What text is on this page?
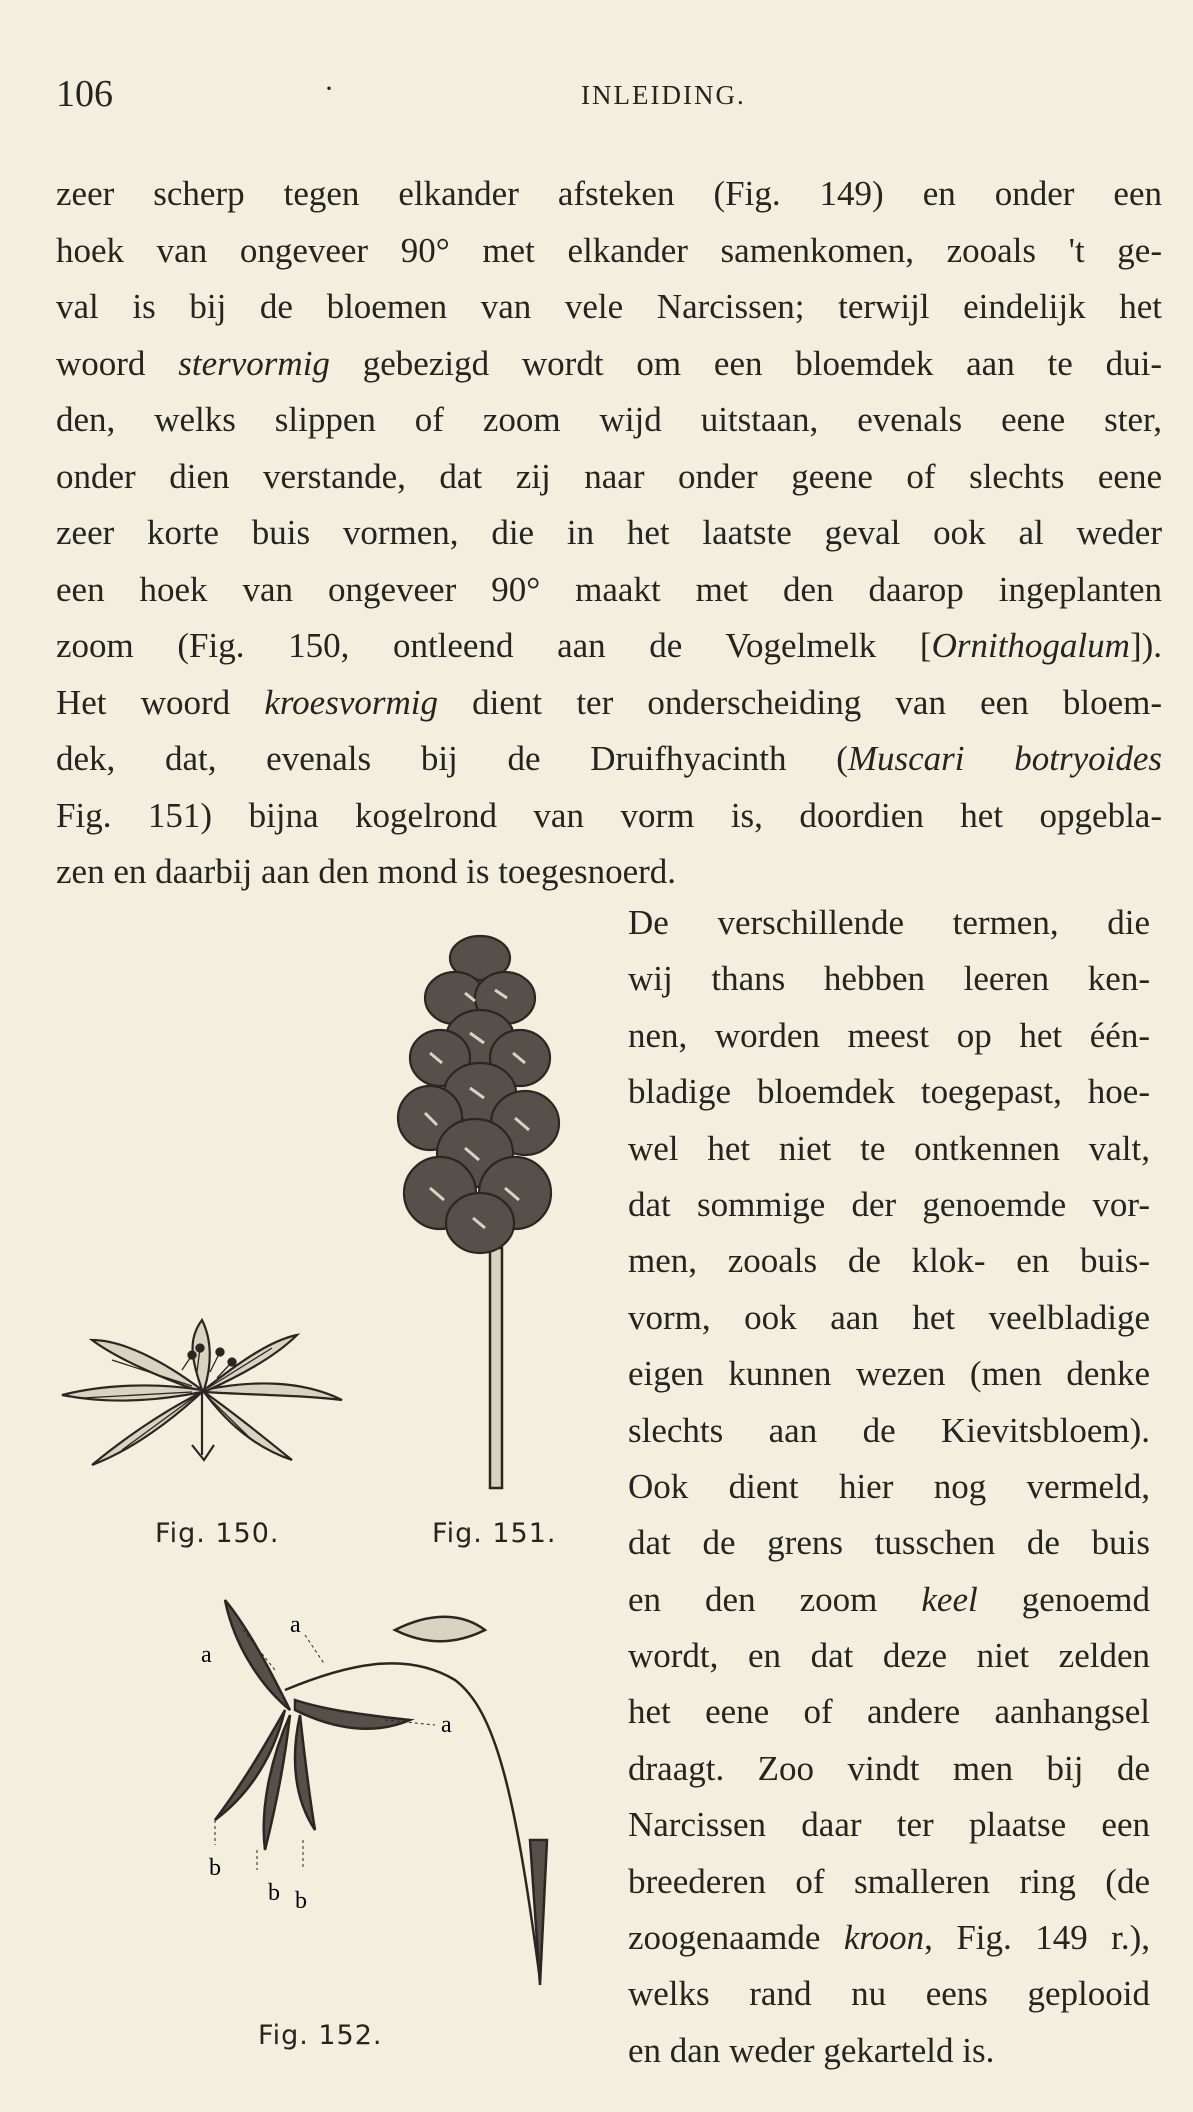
106	·	INLEIDING.
zeer scherp tegen elkander afsteken (Fig. 149) en onder een
hoek van ongeveer 90° met elkander samenkomen, zooals 't ge-
val is bij de bloemen van vele Narcissen; terwijl eindelijk het
woord stervormig gebezigd wordt om een bloemdek aan te dui-
den, welks slippen of zoom wijd uitstaan, evenals eene ster,
onder dien verstande, dat zij naar onder geene of slechts eene
zeer korte buis vormen, die in het laatste geval ook al weder
een hoek van ongeveer 90° maakt met den daarop ingeplanten
zoom (Fig. 150, ontleend aan de Vogelmelk [Ornithogalum]).
Het woord kroesvormig dient ter onderscheiding van een bloem-
dek, dat, evenals bij de Druifhyacinth (Muscari botryoides
Fig. 151) bijna kogelrond van vorm is, doordien het opgebla-
zen en daarbij aan den mond is toegesnoerd.
De verschillende termen, die
wij thans hebben leeren ken-
nen, worden meest op het één-
bladige bloemdek toegepast, hoe-
wel het niet te ontkennen valt,
dat sommige der genoemde vor-
men, zooals de klok- en buis-
vorm, ook aan het veelbladige
eigen kunnen wezen (men denke
slechts aan de Kievitsbloem).
Ook dient hier nog vermeld,
dat de grens tusschen de buis
en den zoom keel genoemd
wordt, en dat deze niet zelden
het eene of andere aanhangsel
draagt. Zoo vindt men bij de
Narcissen daar ter plaatse een
breederen of smalleren ring (de
zoogenaamde kroon, Fig. 149 r.),
welks rand nu eens geplooid
en dan weder gekarteld is.
a
a
a
b
b b
Fig. 150.	Fig. 151.
Fig. 152.
